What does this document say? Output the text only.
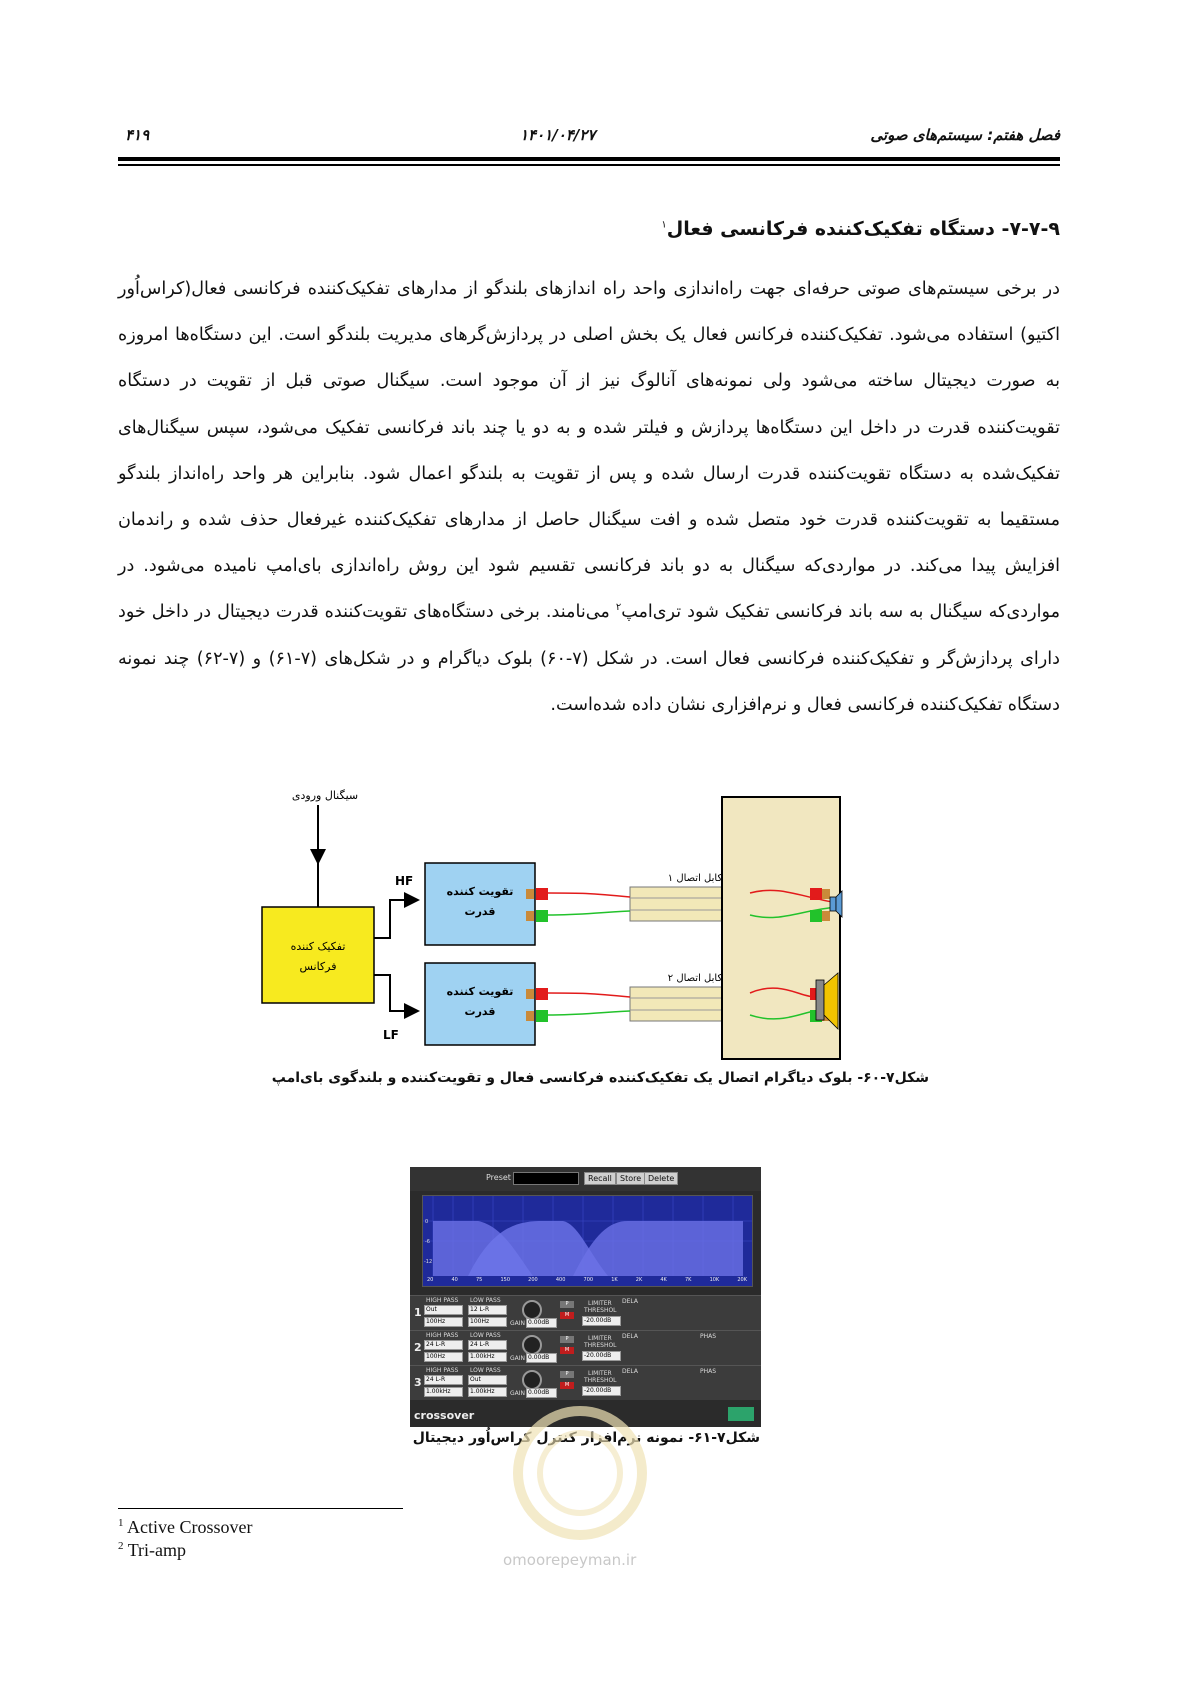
۴۱۹	۱۴۰۱/۰۴/۲۷	فصل هفتم: سیستم‌های صوتی
۷-۷-۹- دستگاه تفکیک‌کننده فرکانسی فعال$^۱$
در برخی سیستم‌های صوتی حرفه‌ای جهت راه‌اندازی واحد راه اندازهای بلندگو از مدارهای تفکیک‌کننده فرکانسی فعال(کراس‌اُور اکتیو) استفاده می‌شود. تفکیک‌کننده فرکانس فعال یک بخش اصلی در پردازش‌گرهای مدیریت بلندگو است. این دستگاه‌ها امروزه به صورت دیجیتال ساخته می‌شود ولی نمونه‌های آنالوگ نیز از آن موجود است. سیگنال صوتی قبل از تقویت در دستگاه تقویت‌کننده قدرت در داخل این دستگاه‌ها پردازش و فیلتر شده و به دو یا چند باند فرکانسی تفکیک می‌شود، سپس سیگنال‌های تفکیک‌شده به دستگاه تقویت‌کننده قدرت ارسال شده و پس از تقویت به بلندگو اعمال شود. بنابراین هر واحد راه‌انداز بلندگو مستقیما به تقویت‌کننده قدرت خود متصل شده و افت سیگنال حاصل از مدارهای تفکیک‌کننده غیرفعال حذف شده و راندمان افزایش پیدا می‌کند. در مواردی‌که سیگنال به دو باند فرکانسی تقسیم شود این روش راه‌اندازی بای‌امپ نامیده می‌شود. در مواردی‌که سیگنال به سه باند فرکانسی تفکیک شود تری‌امپ$^۲$ می‌نامند. برخی دستگاه‌های تقویت‌کننده قدرت دیجیتال در داخل خود دارای پردازش‌گر و تفکیک‌کننده فرکانسی فعال است. در شکل (۷-۶۰) بلوک دیاگرام و در شکل‌های (۷-۶۱) و (۷-۶۲) چند نمونه دستگاه تفکیک‌کننده فرکانسی فعال و نرم‌افزاری نشان داده شده‌است.
سیگنال ورودی
تفکیک کننده
فرکانس
HF
LF
تقویت کننده
قدرت
تقویت کننده
قدرت
کابل اتصال ۱
کابل اتصال ۲
شکل۷-۶۰- بلوک دیاگرام اتصال یک تفکیک‌کننده فرکانسی فعال و تقویت‌کننده و بلندگوی بای‌امپ
Preset	Recall	Store Delete
0
-6
-12
20	40	75	150	200	400	700	1K	2K	4K	7K	10K	20K
1
HIGH PASS LOW PASS
Out	12 L-R
100Hz	100Hz	GAIN 0.00dB
P
M
LIMITER
THRESHOL
-20.00dB
DELA
2
HIGH PASS LOW PASS
24 L-R	24 L-R
100Hz	1.00kHz	GAIN 0.00dB
P
M
LIMITER
THRESHOL
-20.00dB
DELA	PHAS
3
HIGH PASS LOW PASS
24 L-R	Out
1.00kHz	1.00kHz	GAIN 0.00dB
P
M
LIMITER
THRESHOL
-20.00dB
DELA	PHAS
crossover
شکل۷-۶۱- نمونه نرم‌افزار کنترل کراس‌اُور دیجیتال
omoorepeyman.ir
$^1$ Active Crossover
$^2$ Tri-amp
